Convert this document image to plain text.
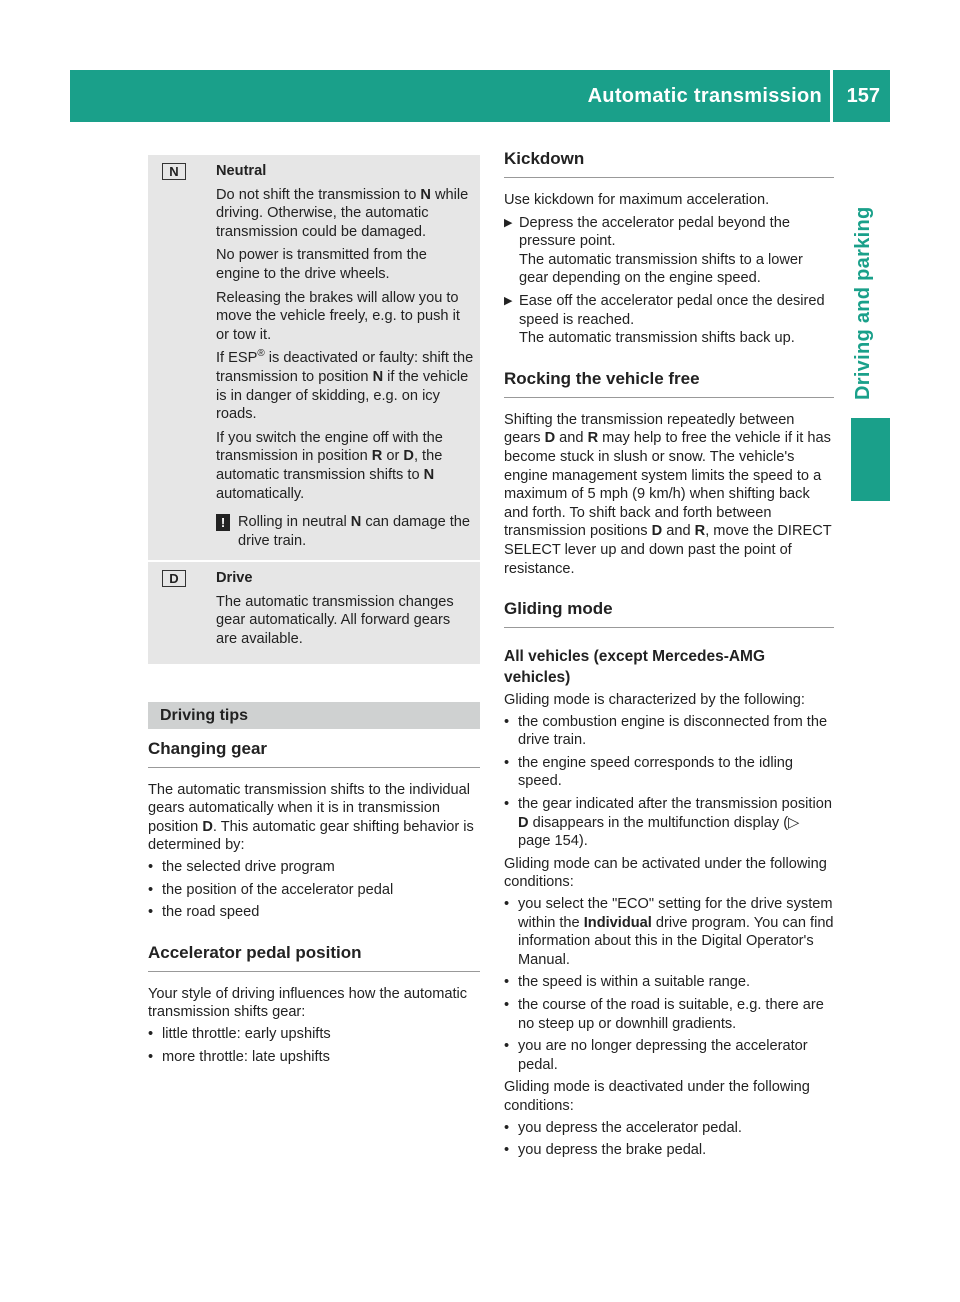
Automatic transmission 157
Driving and parking
N	Neutral

Do not shift the transmission to N while driving. Otherwise, the automatic transmission could be damaged.

No power is transmitted from the engine to the drive wheels.

Releasing the brakes will allow you to move the vehicle freely, e.g. to push it or tow it.

If ESP® is deactivated or faulty: shift the transmission to position N if the vehicle is in danger of skidding, e.g. on icy roads.

If you switch the engine off with the transmission in position R or D, the automatic transmission shifts to N automatically.

! Rolling in neutral N can damage the drive train.
D	Drive

The automatic transmission changes gear automatically. All forward gears are available.

Driving tips
Changing gear

The automatic transmission shifts to the individual gears automatically when it is in transmission position D. This automatic gear shifting behavior is determined by:

• the selected drive program
• the position of the accelerator pedal
• the road speed
Accelerator pedal position

Your style of driving influences how the automatic transmission shifts gear:

• little throttle: early upshifts
• more throttle: late upshifts
Kickdown

Use kickdown for maximum acceleration.

▶ Depress the accelerator pedal beyond the pressure point.
The automatic transmission shifts to a lower gear depending on the engine speed.
▶ Ease off the accelerator pedal once the desired speed is reached.
The automatic transmission shifts back up.
Rocking the vehicle free

Shifting the transmission repeatedly between gears D and R may help to free the vehicle if it has become stuck in slush or snow. The vehicle's engine management system limits the speed to a maximum of 5 mph (9 km/h) when shifting back and forth. To shift back and forth between transmission positions D and R, move the DIRECT SELECT lever up and down past the point of resistance.

Gliding mode
All vehicles (except Mercedes-AMG vehicles)

Gliding mode is characterized by the following:

• the combustion engine is disconnected from the drive train.
• the engine speed corresponds to the idling speed.
• the gear indicated after the transmission position D disappears in the multifunction display (▷ page 154).

Gliding mode can be activated under the following conditions:

• you select the "ECO" setting for the drive system within the Individual drive program. You can find information about this in the Digital Operator's Manual.
• the speed is within a suitable range.
• the course of the road is suitable, e.g. there are no steep up or downhill gradients.
• you are no longer depressing the accelerator pedal.

Gliding mode is deactivated under the following conditions:

• you depress the accelerator pedal.
• you depress the brake pedal.
